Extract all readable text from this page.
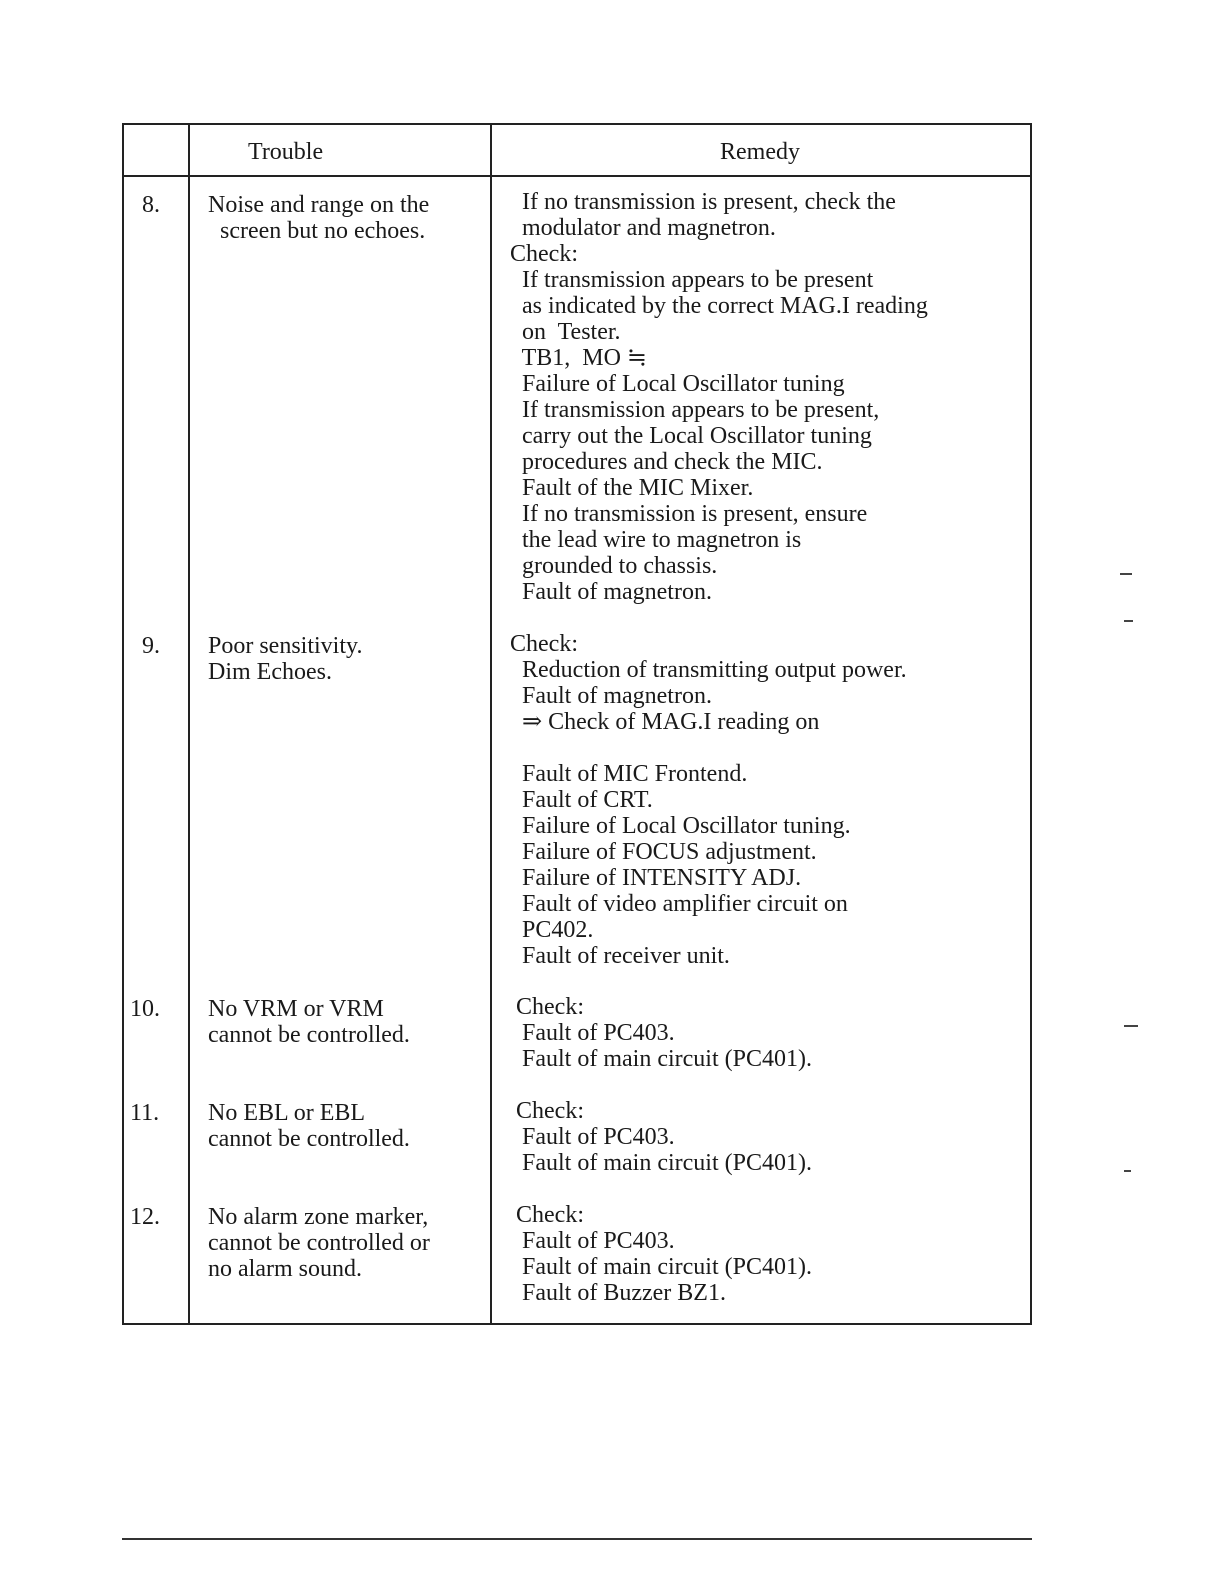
Trouble	Remedy
8. Noise and range on the
screen but no echoes.
If no transmission is present, check the
modulator and magnetron.
Check:
If transmission appears to be present
as indicated by the correct MAG.I reading
on  Tester.
TB1,  MO ≒
Failure of Local Oscillator tuning
If transmission appears to be present,
carry out the Local Oscillator tuning
procedures and check the MIC.
Fault of the MIC Mixer.
If no transmission is present, ensure
the lead wire to magnetron is
grounded to chassis.
Fault of magnetron.
9. Poor sensitivity.
Dim Echoes.
Check:
Reduction of transmitting output power.
Fault of magnetron.
⇒ Check of MAG.I reading on
Fault of MIC Frontend.
Fault of CRT.
Failure of Local Oscillator tuning.
Failure of FOCUS adjustment.
Failure of INTENSITY ADJ.
Fault of video amplifier circuit on
PC402.
Fault of receiver unit.
10. No VRM or VRM
cannot be controlled.
Check:
Fault of PC403.
Fault of main circuit (PC401).
11. No EBL or EBL
cannot be controlled.
Check:
Fault of PC403.
Fault of main circuit (PC401).
12. No alarm zone marker,
cannot be controlled or
no alarm sound.
Check:
Fault of PC403.
Fault of main circuit (PC401).
Fault of Buzzer BZ1.
